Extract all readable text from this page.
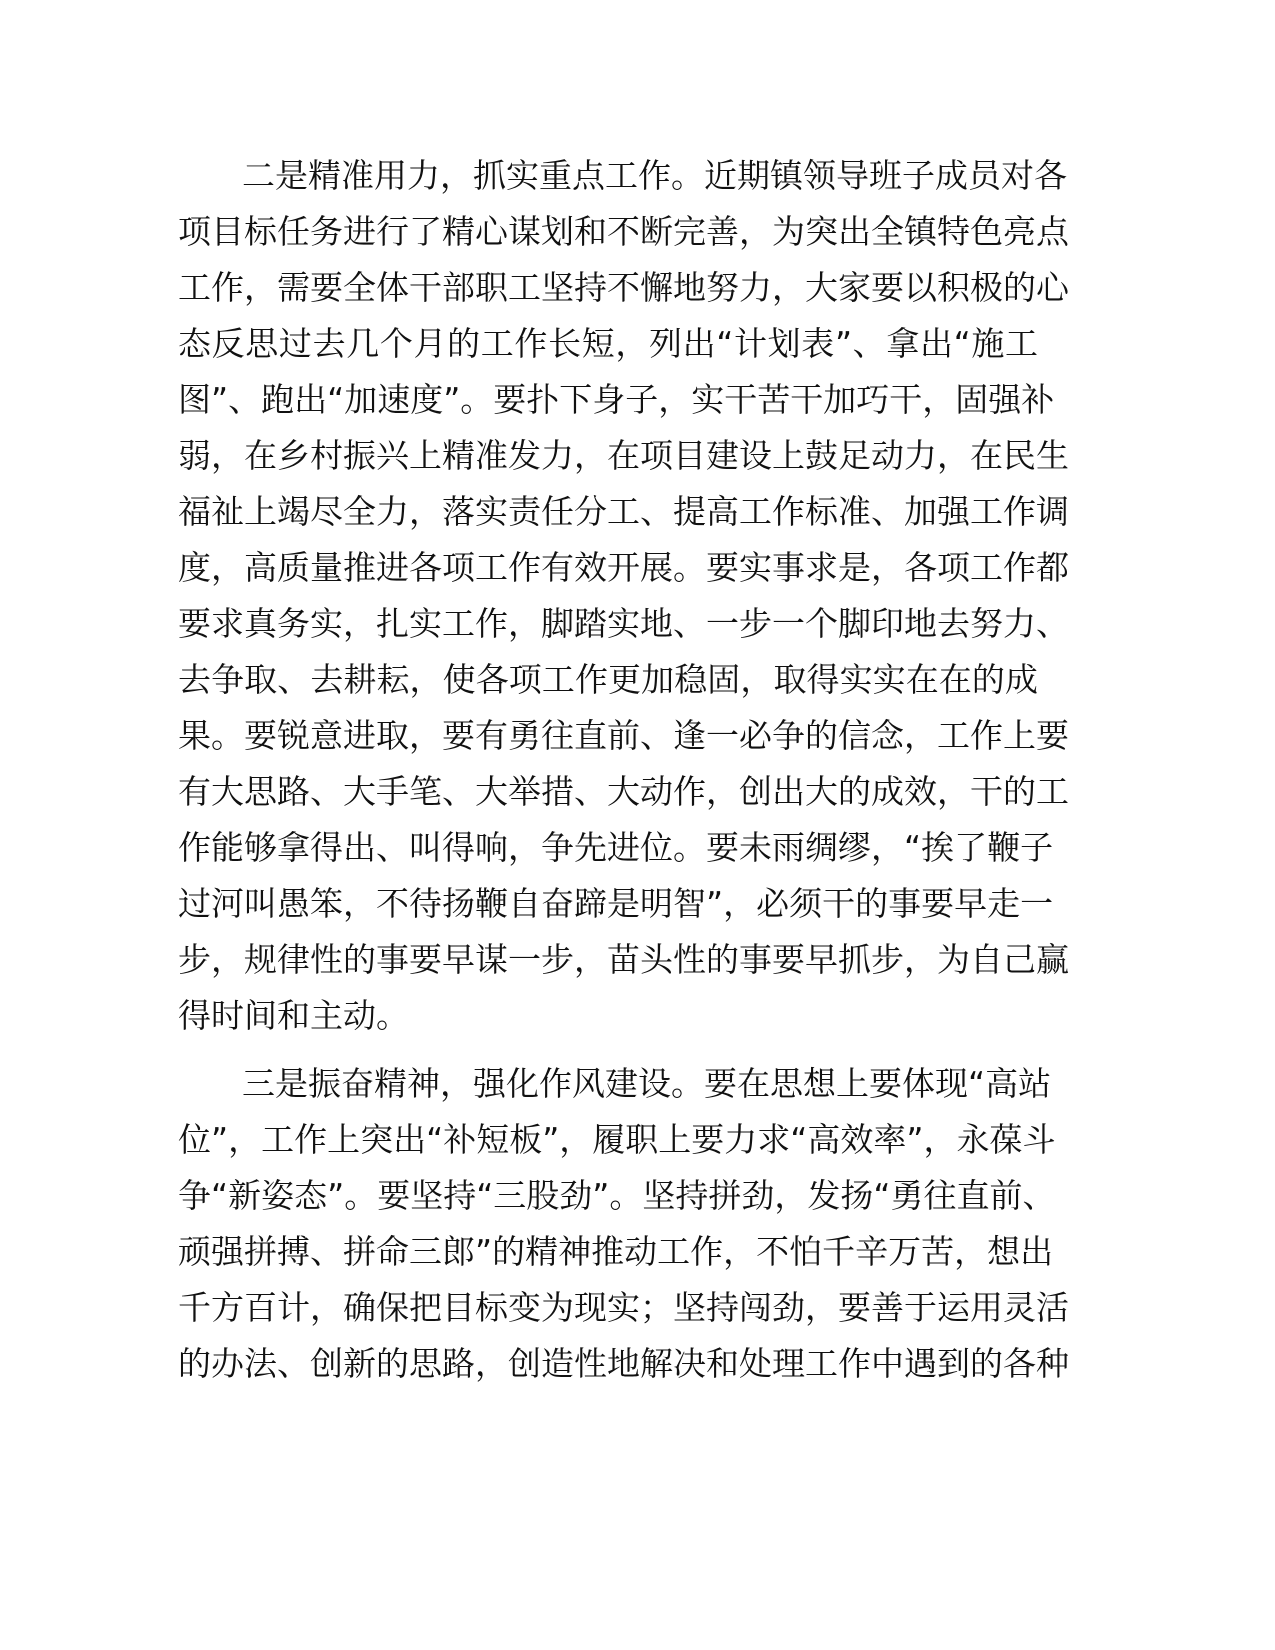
二是精准用力，抓实重点工作。近期镇领导班子成员对各
项目标任务进行了精心谋划和不断完善，为突出全镇特色亮点
工作，需要全体干部职工坚持不懈地努力，大家要以积极的心
态反思过去几个月的工作长短，列出“计划表”、拿出“施工
图”、跑出“加速度”。要扑下身子，实干苦干加巧干，固强补
弱，在乡村振兴上精准发力，在项目建设上鼓足动力，在民生
福祉上竭尽全力，落实责任分工、提高工作标准、加强工作调
度，高质量推进各项工作有效开展。要实事求是，各项工作都
要求真务实，扎实工作，脚踏实地、一步一个脚印地去努力、
去争取、去耕耘，使各项工作更加稳固，取得实实在在的成
果。要锐意进取，要有勇往直前、逢一必争的信念，工作上要
有大思路、大手笔、大举措、大动作，创出大的成效，干的工
作能够拿得出、叫得响，争先进位。要未雨绸缪，“挨了鞭子
过河叫愚笨，不待扬鞭自奋蹄是明智”，必须干的事要早走一
步，规律性的事要早谋一步，苗头性的事要早抓步，为自己赢
得时间和主动。
三是振奋精神，强化作风建设。要在思想上要体现“高站
位”，工作上突出“补短板”，履职上要力求“高效率”，永葆斗
争“新姿态”。要坚持“三股劲”。坚持拼劲，发扬“勇往直前、
顽强拼搏、拼命三郎”的精神推动工作，不怕千辛万苦，想出
千方百计，确保把目标变为现实；坚持闯劲，要善于运用灵活
的办法、创新的思路，创造性地解决和处理工作中遇到的各种
